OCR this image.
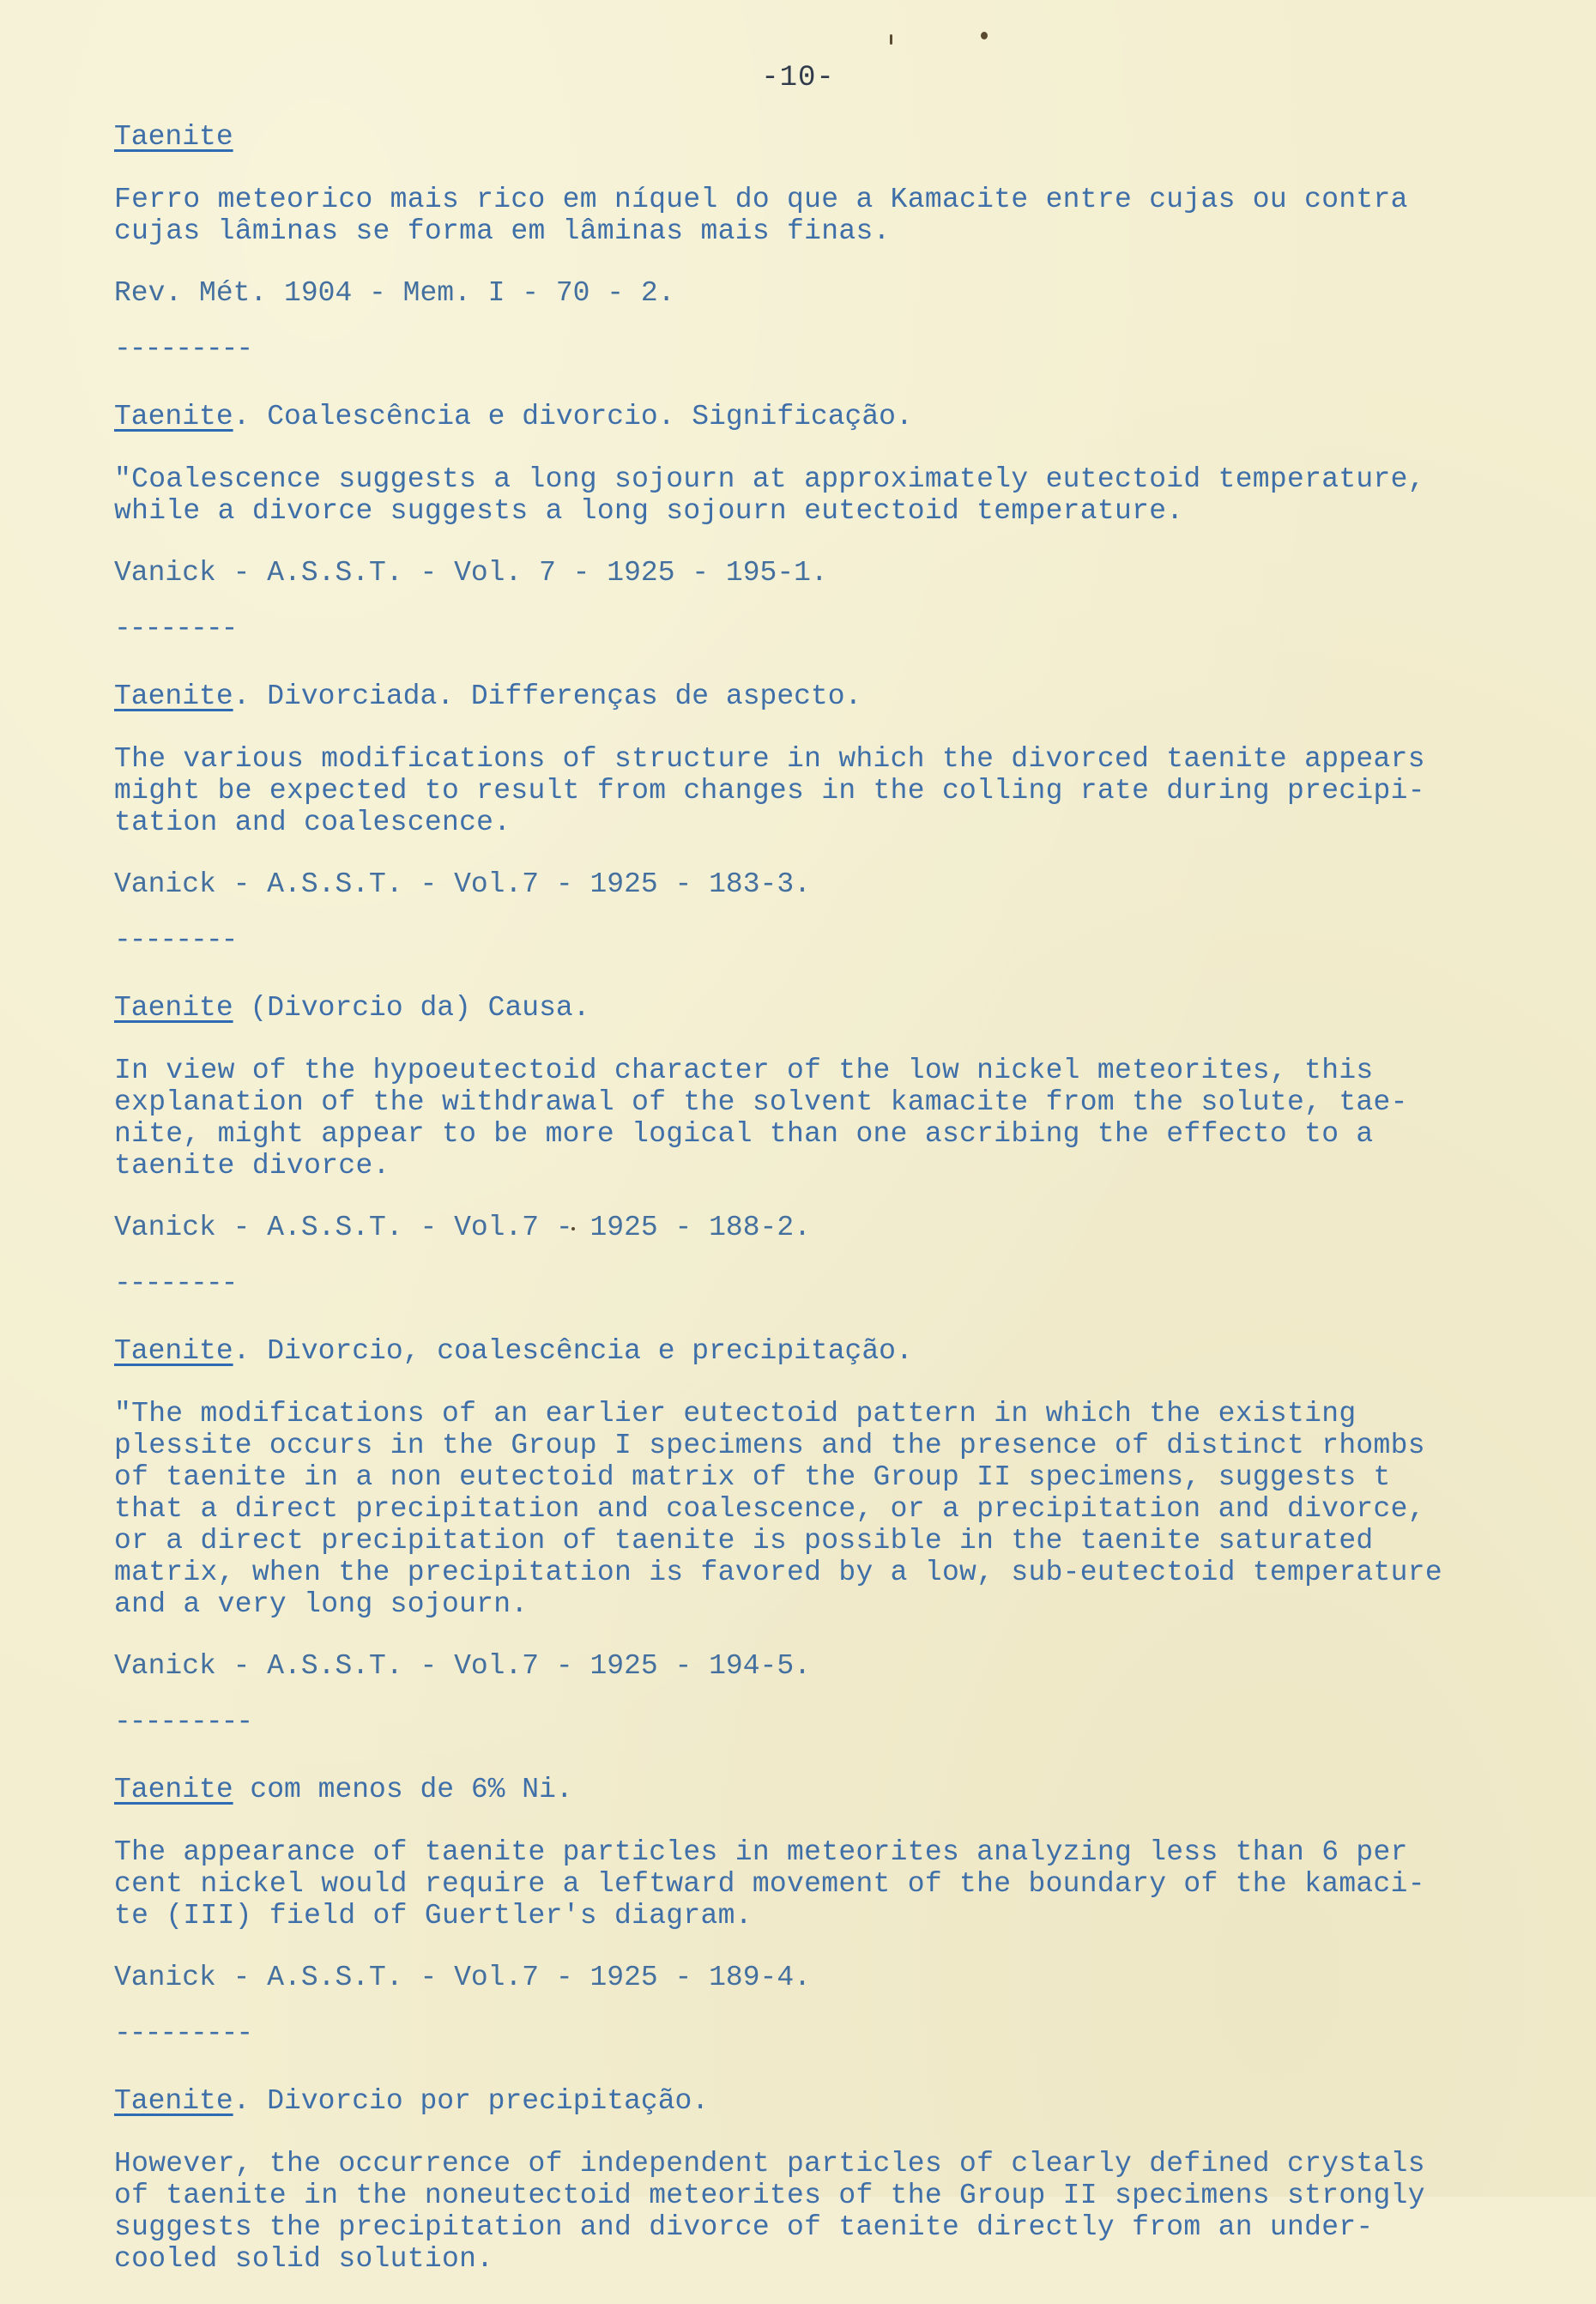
-10-
Taenite
Ferro meteorico mais rico em níquel do que a Kamacite entre cujas ou contra
cujas lâminas se forma em lâminas mais finas.
Rev. Mét. 1904 - Mem. I - 70 - 2.
---------
Taenite. Coalescência e divorcio. Significação.
"Coalescence suggests a long sojourn at approximately eutectoid temperature,
while a divorce suggests a long sojourn eutectoid temperature.
Vanick - A.S.S.T. - Vol. 7 - 1925 - 195-1.
--------
Taenite. Divorciada. Differenças de aspecto.
The various modifications of structure in which the divorced taenite appears
might be expected to result from changes in the colling rate during precipi-
tation and coalescence.
Vanick - A.S.S.T. - Vol.7 - 1925 - 183-3.
--------
Taenite (Divorcio da) Causa.
In view of the hypoeutectoid character of the low nickel meteorites, this
explanation of the withdrawal of the solvent kamacite from the solute, tae-
nite, might appear to be more logical than one ascribing the effecto to a
taenite divorce.
Vanick - A.S.S.T. - Vol.7 - 1925 - 188-2.
--------
Taenite. Divorcio, coalescência e precipitação.
"The modifications of an earlier eutectoid pattern in which the existing
plessite occurs in the Group I specimens and the presence of distinct rhombs
of taenite in a non eutectoid matrix of the Group II specimens, suggests t
that a direct precipitation and coalescence, or a precipitation and divorce,
or a direct precipitation of taenite is possible in the taenite saturated
matrix, when the precipitation is favored by a low, sub-eutectoid temperature
and a very long sojourn.
Vanick - A.S.S.T. - Vol.7 - 1925 - 194-5.
---------
Taenite com menos de 6% Ni.
The appearance of taenite particles in meteorites analyzing less than 6 per
cent nickel would require a leftward movement of the boundary of the kamaci-
te (III) field of Guertler's diagram.
Vanick - A.S.S.T. - Vol.7 - 1925 - 189-4.
---------
Taenite. Divorcio por precipitação.
However, the occurrence of independent particles of clearly defined crystals
of taenite in the noneutectoid meteorites of the Group II specimens strongly
suggests the precipitation and divorce of taenite directly from an under-
cooled solid solution.
